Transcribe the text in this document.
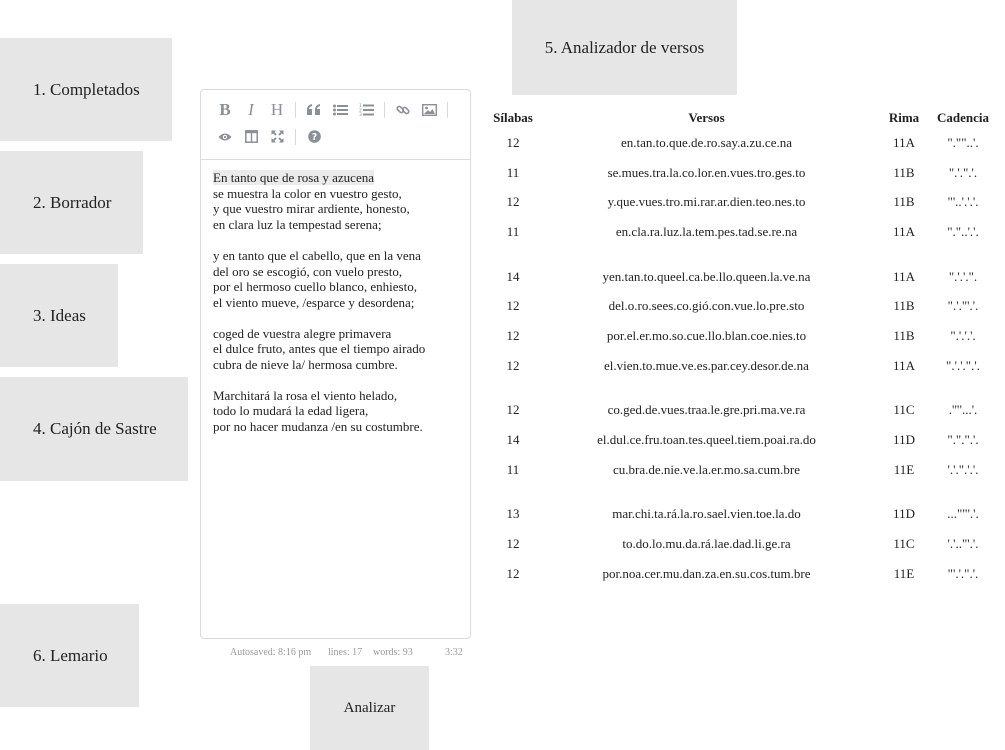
1. Completados
2. Borrador
3. Ideas
4. Cajón de Sastre
6. Lemario
5. Analizador de versos
B	I	H	1
2
3
?
En tanto que de rosa y azucena
se muestra la color en vuestro gesto,
y que vuestro mirar ardiente, honesto,
en clara luz la tempestad serena;
y en tanto que el cabello, que en la vena
del oro se escogió, con vuelo presto,
por el hermoso cuello blanco, enhiesto,
el viento mueve, /esparce y desordena;
coged de vuestra alegre primavera
el dulce fruto, antes que el tiempo airado
cubra de nieve la/ hermosa cumbre.
Marchitará la rosa el viento helado,
todo lo mudará la edad ligera,
por no hacer mudanza /en su costumbre.
Autosaved: 8:16 pm lines: 17 words: 93	3:32
Analizar
Sílabas	Versos	Rima	Cadencia
12	en.tan.to.que.de.ro.say.a.zu.ce.na	11A	".""..'.
11	se.mues.tra.la.co.lor.en.vues.tro.ges.to	11B	".'.".'.
12	y.que.vues.tro.mi.rar.ar.dien.teo.nes.to	11B	"'..'.'.'.
11	en.cla.ra.luz.la.tem.pes.tad.se.re.na	11A	"."..'.'.

14	yen.tan.to.queel.ca.be.llo.queen.la.ve.na	11A	".'.'.".
12	del.o.ro.sees.co.gió.con.vue.lo.pre.sto	11B	".'."'.'.
12	por.el.er.mo.so.cue.llo.blan.coe.nies.to	11B	".'.'.'.
12	el.vien.to.mue.ve.es.par.cey.desor.de.na	11A	".'.'.".'.

12	co.ged.de.vues.traa.le.gre.pri.ma.ve.ra	11C	.'"'...'.
14	el.dul.ce.fru.toan.tes.queel.tiem.poai.ra.do	11D	".".".'.
11	cu.bra.de.nie.ve.la.er.mo.sa.cum.bre	11E	'.'.".'.'.

13	mar.chi.ta.rá.la.ro.sael.vien.toe.la.do	11D	...""'.'.
12	to.do.lo.mu.da.rá.lae.dad.li.ge.ra	11C	'.'.."'.'.
12	por.noa.cer.mu.dan.za.en.su.cos.tum.bre	11E	"'.'.".'.
